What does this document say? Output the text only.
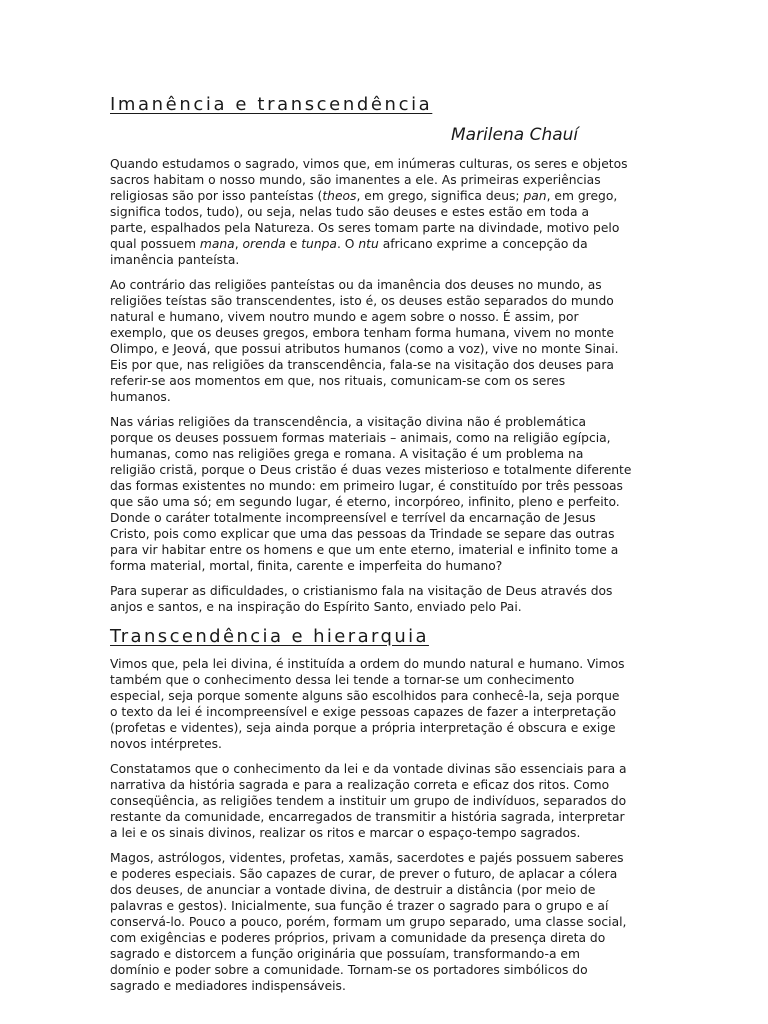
Imanência e transcendência
Marilena Chauí
Quando estudamos o sagrado, vimos que, em inúmeras culturas, os seres e objetos
sacros habitam o nosso mundo, são imanentes a ele. As primeiras experiências
religiosas são por isso panteístas (theos, em grego, significa deus; pan, em grego,
significa todos, tudo), ou seja, nelas tudo são deuses e estes estão em toda a
parte, espalhados pela Natureza. Os seres tomam parte na divindade, motivo pelo
qual possuem mana, orenda e tunpa. O ntu africano exprime a concepção da
imanência panteísta.
Ao contrário das religiões panteístas ou da imanência dos deuses no mundo, as
religiões teístas são transcendentes, isto é, os deuses estão separados do mundo
natural e humano, vivem noutro mundo e agem sobre o nosso. É assim, por
exemplo, que os deuses gregos, embora tenham forma humana, vivem no monte
Olimpo, e Jeová, que possui atributos humanos (como a voz), vive no monte Sinai.
Eis por que, nas religiões da transcendência, fala-se na visitação dos deuses para
referir-se aos momentos em que, nos rituais, comunicam-se com os seres
humanos.
Nas várias religiões da transcendência, a visitação divina não é problemática
porque os deuses possuem formas materiais – animais, como na religião egípcia,
humanas, como nas religiões grega e romana. A visitação é um problema na
religião cristã, porque o Deus cristão é duas vezes misterioso e totalmente diferente
das formas existentes no mundo: em primeiro lugar, é constituído por três pessoas
que são uma só; em segundo lugar, é eterno, incorpóreo, infinito, pleno e perfeito.
Donde o caráter totalmente incompreensível e terrível da encarnação de Jesus
Cristo, pois como explicar que uma das pessoas da Trindade se separe das outras
para vir habitar entre os homens e que um ente eterno, imaterial e infinito tome a
forma material, mortal, finita, carente e imperfeita do humano?
Para superar as dificuldades, o cristianismo fala na visitação de Deus através dos
anjos e santos, e na inspiração do Espírito Santo, enviado pelo Pai.
Transcendência e hierarquia
Vimos que, pela lei divina, é instituída a ordem do mundo natural e humano. Vimos
também que o conhecimento dessa lei tende a tornar-se um conhecimento
especial, seja porque somente alguns são escolhidos para conhecê-la, seja porque
o texto da lei é incompreensível e exige pessoas capazes de fazer a interpretação
(profetas e videntes), seja ainda porque a própria interpretação é obscura e exige
novos intérpretes.
Constatamos que o conhecimento da lei e da vontade divinas são essenciais para a
narrativa da história sagrada e para a realização correta e eficaz dos ritos. Como
conseqüência, as religiões tendem a instituir um grupo de indivíduos, separados do
restante da comunidade, encarregados de transmitir a história sagrada, interpretar
a lei e os sinais divinos, realizar os ritos e marcar o espaço-tempo sagrados.
Magos, astrólogos, videntes, profetas, xamãs, sacerdotes e pajés possuem saberes
e poderes especiais. São capazes de curar, de prever o futuro, de aplacar a cólera
dos deuses, de anunciar a vontade divina, de destruir a distância (por meio de
palavras e gestos). Inicialmente, sua função é trazer o sagrado para o grupo e aí
conservá-lo. Pouco a pouco, porém, formam um grupo separado, uma classe social,
com exigências e poderes próprios, privam a comunidade da presença direta do
sagrado e distorcem a função originária que possuíam, transformando-a em
domínio e poder sobre a comunidade. Tornam-se os portadores simbólicos do
sagrado e mediadores indispensáveis.
